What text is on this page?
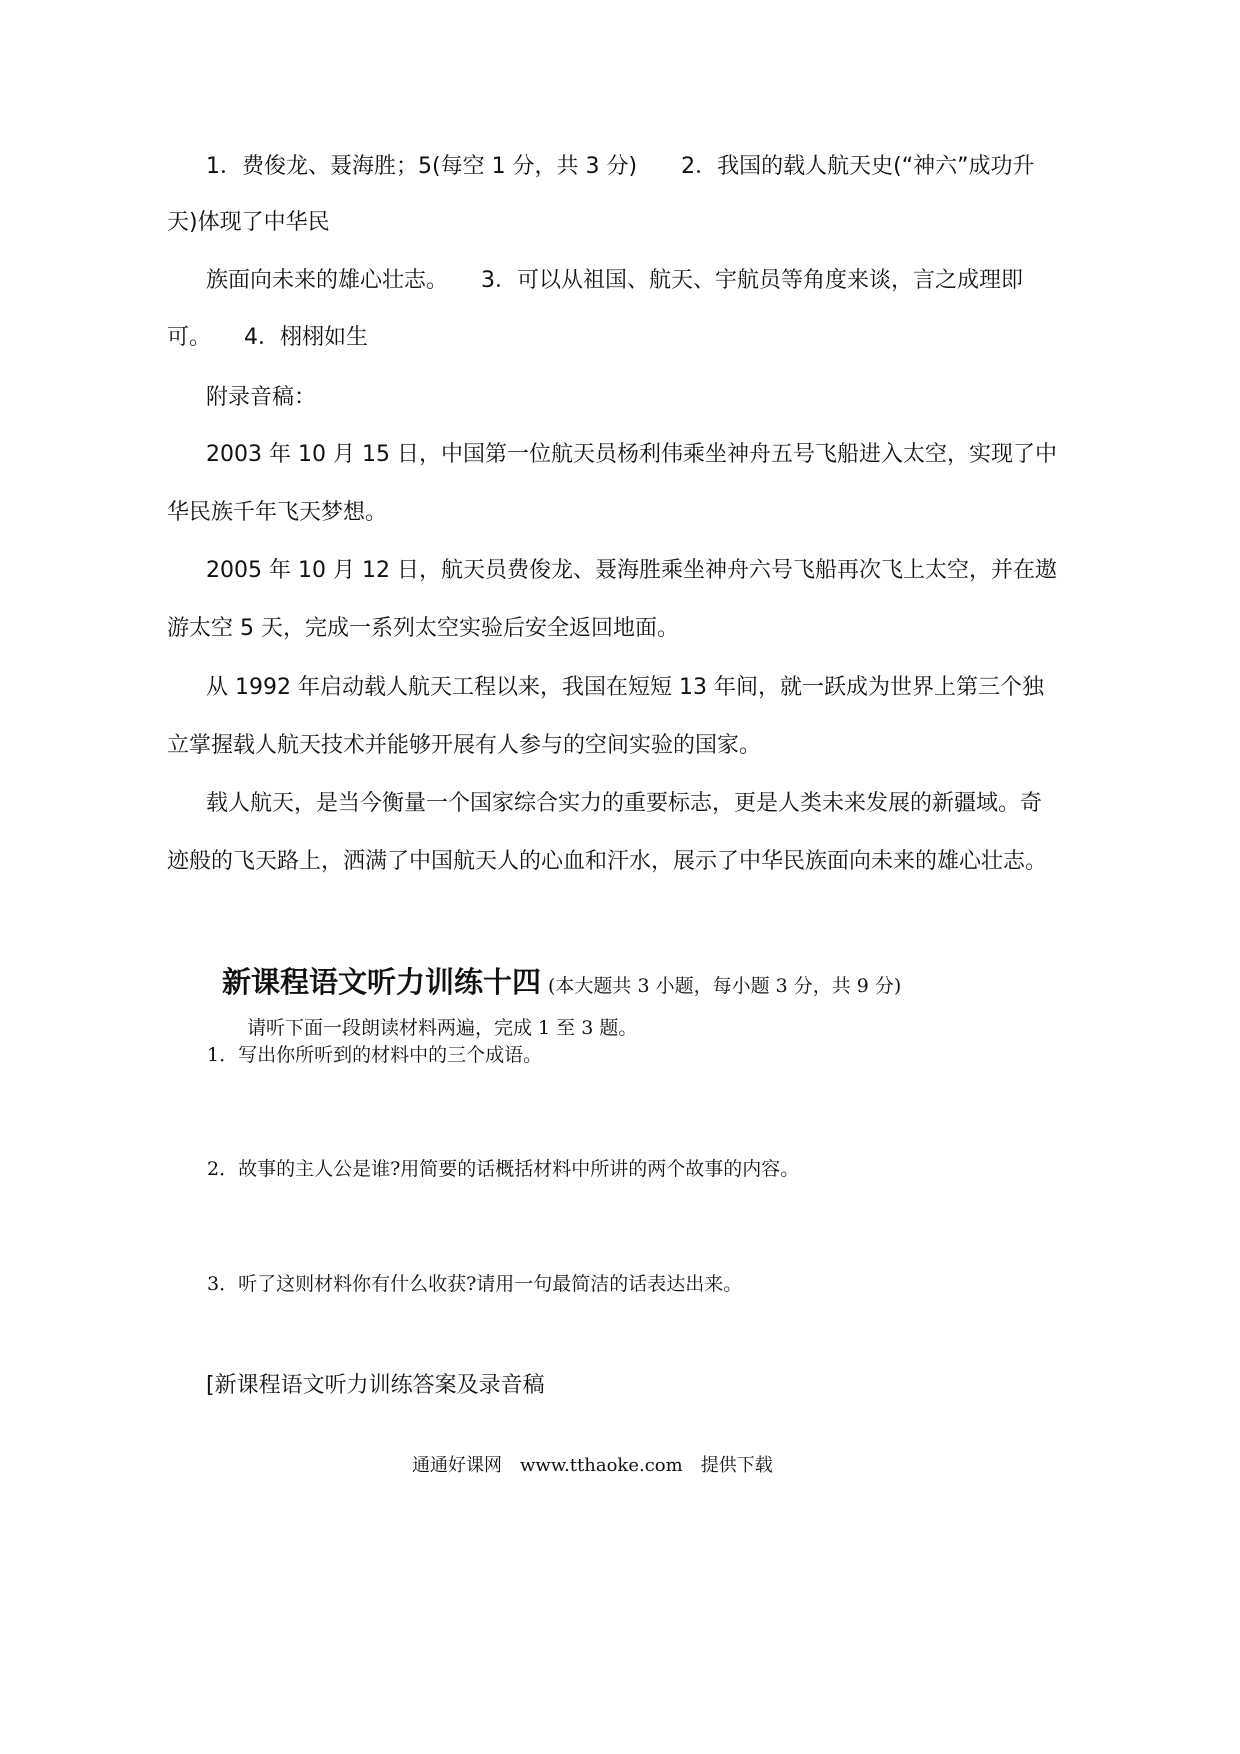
1．费俊龙、聂海胜；5(每空 1 分，共 3 分)　　2．我国的载人航天史(“神六”成功升
天)体现了中华民
族面向未来的雄心壮志。　　3．可以从祖国、航天、宇航员等角度来谈，言之成理即
可。　　4．栩栩如生
附录音稿：
2003 年 10 月 15 日，中国第一位航天员杨利伟乘坐神舟五号飞船进入太空，实现了中
华民族千年飞天梦想。
2005 年 10 月 12 日，航天员费俊龙、聂海胜乘坐神舟六号飞船再次飞上太空，并在遨
游太空 5 天，完成一系列太空实验后安全返回地面。
从 1992 年启动载人航天工程以来，我国在短短 13 年间，就一跃成为世界上第三个独
立掌握载人航天技术并能够开展有人参与的空间实验的国家。
载人航天，是当今衡量一个国家综合实力的重要标志，更是人类未来发展的新疆域。奇
迹般的飞天路上，洒满了中国航天人的心血和汗水，展示了中华民族面向未来的雄心壮志。
新课程语文听力训练十四 (本大题共 3 小题，每小题 3 分，共 9 分)
请听下面一段朗读材料两遍，完成 1 至 3 题。
1．写出你所听到的材料中的三个成语。
2．故事的主人公是谁?用简要的话概括材料中所讲的两个故事的内容。
3．听了这则材料你有什么收获?请用一句最简洁的话表达出来。
[新课程语文听力训练答案及录音稿
通通好课网　www.tthaoke.com　提供下载
